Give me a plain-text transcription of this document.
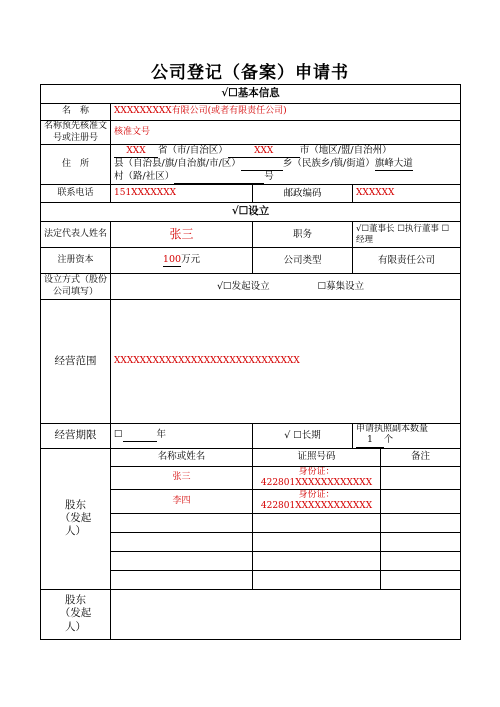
公司登记（备案）申请书
√☐基本信息				
名　称	XXXXXXXXX有限公司(或者有限责任公司)			
名称预先核准文号或注册号	核准文号			
住　所	XXX 省（市/自治区） XXX 市（地区/盟/自治州）
县（自治县/旗/自治旗/市/区） 乡（民族乡/镇/街道）旗峰大道
村（路/社区） 号			

联系电话	151XXXXXXX	邮政编码	XXXXXX	
√☐设立				
法定代表人姓名	张三	职务	√☐董事长 ☐执行董事 ☐经理	
注册资本	100万元	公司类型	有限责任公司	
设立方式（股份公司填写）	√☐发起设立 ☐募集设立			
经营范围	XXXXXXXXXXXXXXXXXXXXXXXXXXXXX			
经营期限	☐ 年	√ ☐长期	申请执照副本数量 1 个	
股东（发起人）	名称或姓名	证照号码		备注
	张三	身份证：422801XXXXXXXXXXXX		
	李四	身份证：422801XXXXXXXXXXXX		

股东（发起人）				
